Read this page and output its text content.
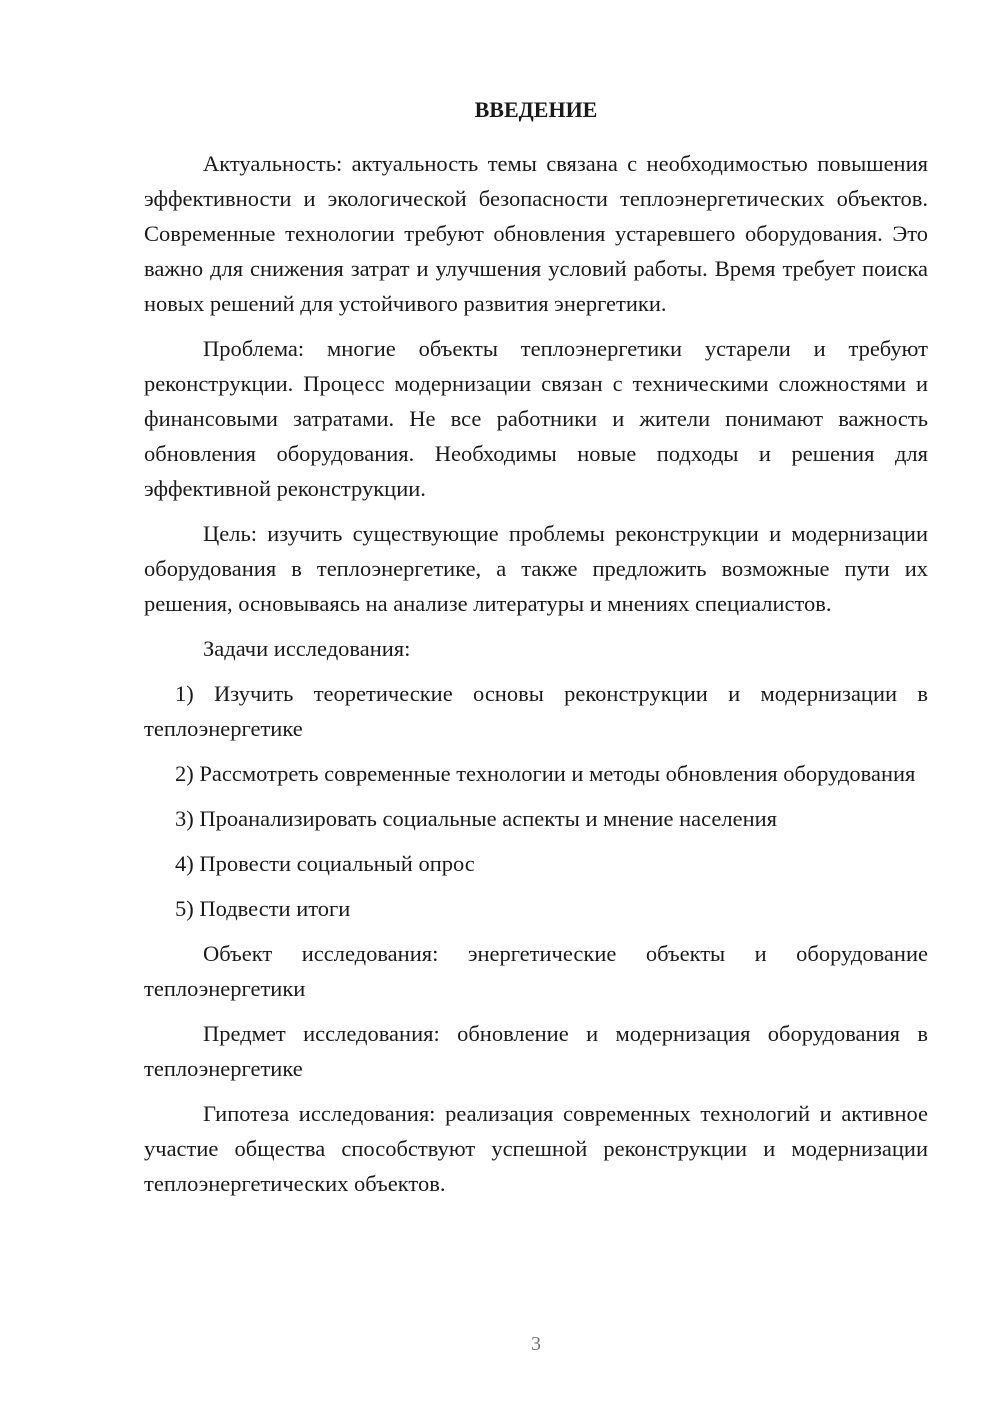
ВВЕДЕНИЕ

Актуальность: актуальность темы связана с необходимостью повышения эффективности и экологической безопасности теплоэнергетических объектов. Современные технологии требуют обновления устаревшего оборудования. Это важно для снижения затрат и улучшения условий работы. Время требует поиска новых решений для устойчивого развития энергетики.

Проблема: многие объекты теплоэнергетики устарели и требуют реконструкции. Процесс модернизации связан с техническими сложностями и финансовыми затратами. Не все работники и жители понимают важность обновления оборудования. Необходимы новые подходы и решения для эффективной реконструкции.

Цель: изучить существующие проблемы реконструкции и модернизации оборудования в теплоэнергетике, а также предложить возможные пути их решения, основываясь на анализе литературы и мнениях специалистов.

Задачи исследования:

1) Изучить теоретические основы реконструкции и модернизации в теплоэнергетике

2) Рассмотреть современные технологии и методы обновления оборудования

3) Проанализировать социальные аспекты и мнение населения

4) Провести социальный опрос

5) Подвести итоги

Объект исследования: энергетические объекты и оборудование теплоэнергетики

Предмет исследования: обновление и модернизация оборудования в теплоэнергетике

Гипотеза исследования: реализация современных технологий и активное участие общества способствуют успешной реконструкции и модернизации теплоэнергетических объектов.

3
